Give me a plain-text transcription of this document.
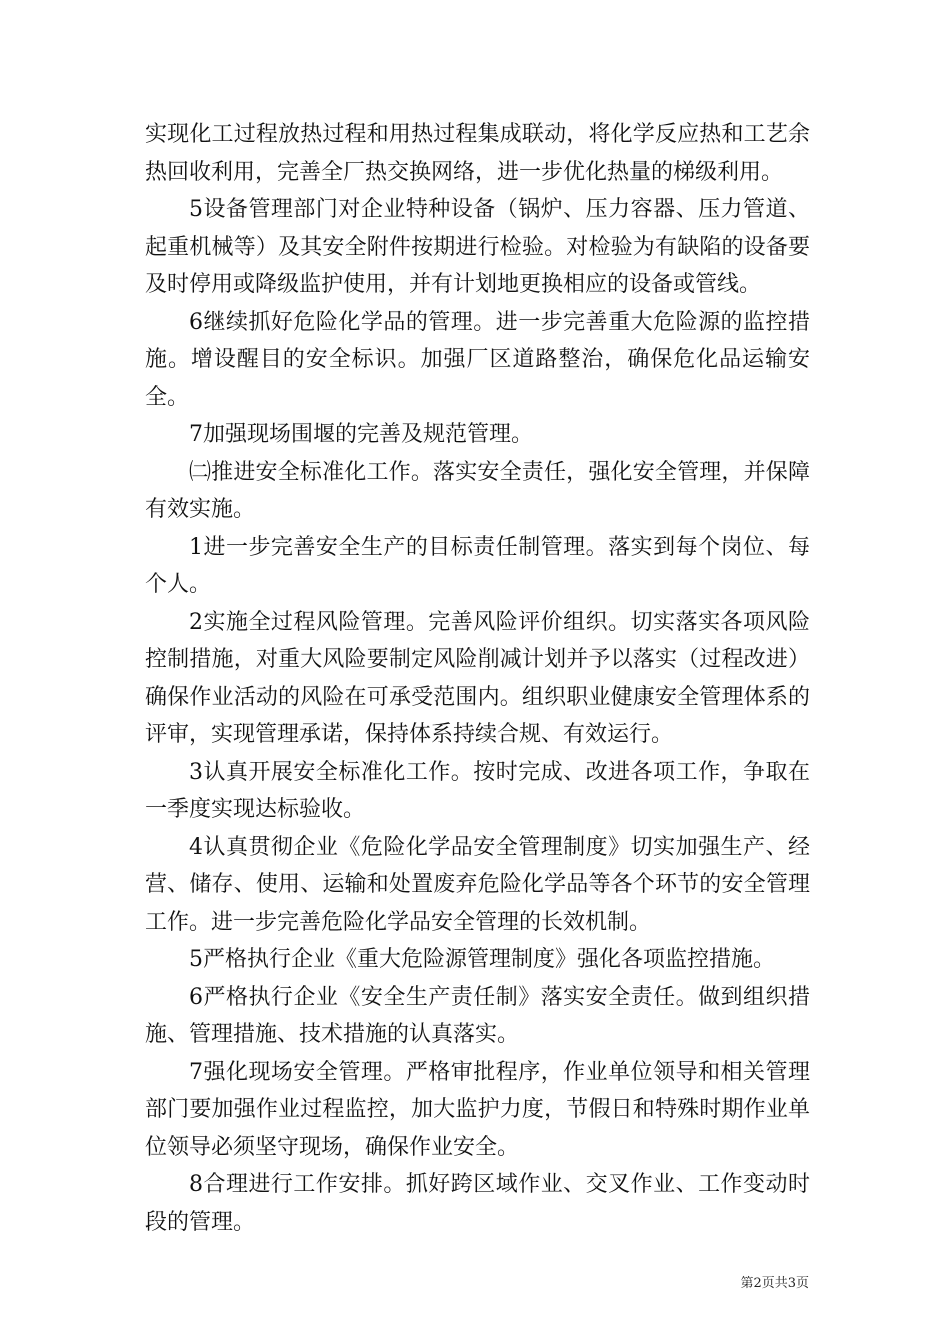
实现化工过程放热过程和用热过程集成联动，将化学反应热和工艺余热回收利用，完善全厂热交换网络，进一步优化热量的梯级利用。

5设备管理部门对企业特种设备（锅炉、压力容器、压力管道、起重机械等）及其安全附件按期进行检验。对检验为有缺陷的设备要及时停用或降级监护使用，并有计划地更换相应的设备或管线。

6继续抓好危险化学品的管理。进一步完善重大危险源的监控措施。增设醒目的安全标识。加强厂区道路整治，确保危化品运输安全。

7加强现场围堰的完善及规范管理。

㈡推进安全标准化工作。落实安全责任，强化安全管理，并保障有效实施。

1进一步完善安全生产的目标责任制管理。落实到每个岗位、每个人。

2实施全过程风险管理。完善风险评价组织。切实落实各项风险控制措施，对重大风险要制定风险削减计划并予以落实（过程改进）确保作业活动的风险在可承受范围内。组织职业健康安全管理体系的评审，实现管理承诺，保持体系持续合规、有效运行。

3认真开展安全标准化工作。按时完成、改进各项工作，争取在一季度实现达标验收。

4认真贯彻企业《危险化学品安全管理制度》切实加强生产、经营、储存、使用、运输和处置废弃危险化学品等各个环节的安全管理工作。进一步完善危险化学品安全管理的长效机制。

5严格执行企业《重大危险源管理制度》强化各项监控措施。

6严格执行企业《安全生产责任制》落实安全责任。做到组织措施、管理措施、技术措施的认真落实。

7强化现场安全管理。严格审批程序，作业单位领导和相关管理部门要加强作业过程监控，加大监护力度，节假日和特殊时期作业单位领导必须坚守现场，确保作业安全。

8合理进行工作安排。抓好跨区域作业、交叉作业、工作变动时段的管理。

第2页共3页
